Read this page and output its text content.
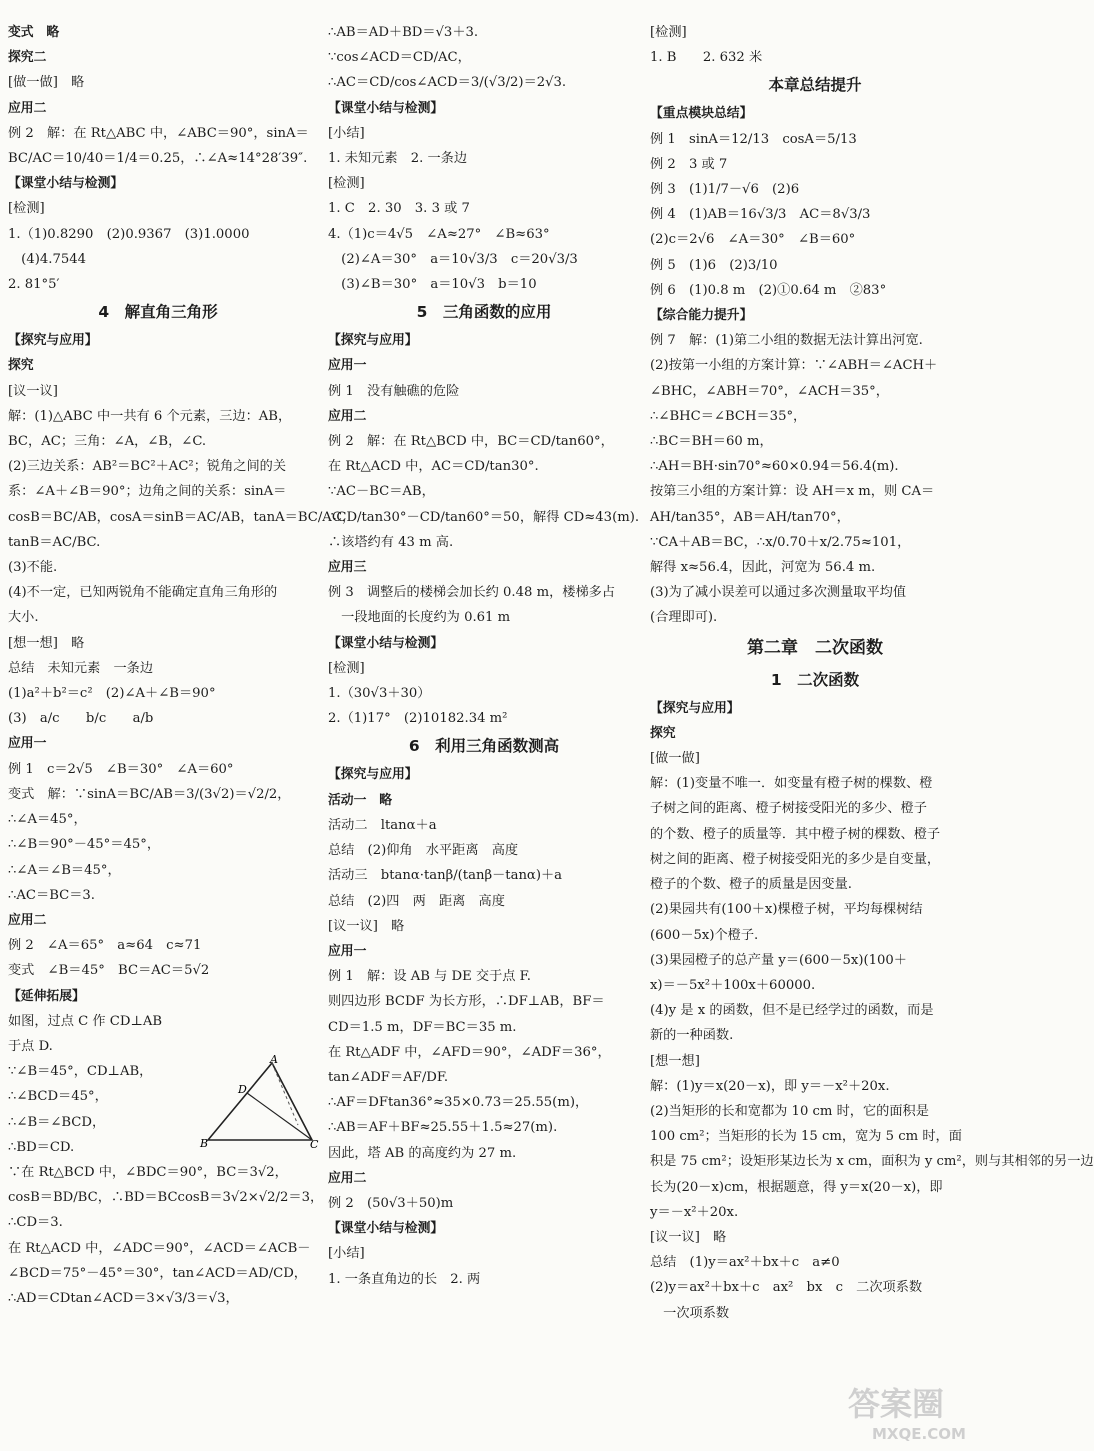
变式　略
探究二
[做一做]　略
应用二
例 2　解：在 Rt△ABC 中，∠ABC＝90°，sinA＝
BC/AC＝10/40＝1/4＝0.25，∴∠A≈14°28′39″.
【课堂小结与检测】
[检测]
1.（1)0.8290　(2)0.9367　(3)1.0000
　(4)4.7544
2. 81°5′
4　解直角三角形
【探究与应用】
探究
[议一议]
解：(1)△ABC 中一共有 6 个元素，三边：AB，
BC，AC；三角：∠A，∠B，∠C.
(2)三边关系：AB²＝BC²＋AC²；锐角之间的关
系：∠A＋∠B＝90°；边角之间的关系：sinA＝
cosB＝BC/AB，cosA＝sinB＝AC/AB，tanA＝BC/AC，
tanB＝AC/BC.
(3)不能.
(4)不一定，已知两锐角不能确定直角三角形的
大小.
[想一想]　略
总结　未知元素　一条边
(1)a²＋b²＝c²　(2)∠A＋∠B＝90°
(3)　a/c　　b/c　　a/b
应用一
例 1　c＝2√5　∠B＝30°　∠A＝60°
变式　解：∵sinA＝BC/AB＝3/(3√2)＝√2/2，
∴∠A＝45°，
∴∠B＝90°－45°＝45°，
∴∠A＝∠B＝45°，
∴AC＝BC＝3.
应用二
例 2　∠A＝65°　a≈64　c≈71
变式　∠B＝45°　BC＝AC＝5√2
【延伸拓展】
如图，过点 C 作 CD⊥AB
于点 D.
∵∠B＝45°，CD⊥AB，
∴∠BCD＝45°，
∴∠B＝∠BCD，
∴BD＝CD.
∵在 Rt△BCD 中，∠BDC＝90°，BC＝3√2，
cosB＝BD/BC，∴BD＝BCcosB＝3√2×√2/2＝3，
∴CD＝3.
在 Rt△ACD 中，∠ADC＝90°，∠ACD＝∠ACB－
∠BCD＝75°－45°＝30°，tan∠ACD＝AD/CD，
∴AD＝CDtan∠ACD＝3×√3/3＝√3，
∴AB＝AD＋BD＝√3＋3.
∵cos∠ACD＝CD/AC，
∴AC＝CD/cos∠ACD＝3/(√3/2)＝2√3.
【课堂小结与检测】
[小结]
1. 未知元素　2. 一条边
[检测]
1. C　2. 30　3. 3 或 7
4.（1)c＝4√5　∠A≈27°　∠B≈63°
　(2)∠A＝30°　a＝10√3/3　c＝20√3/3
　(3)∠B＝30°　a＝10√3　b＝10
5　三角函数的应用
【探究与应用】
应用一
例 1　没有触礁的危险
应用二
例 2　解：在 Rt△BCD 中，BC＝CD/tan60°，
在 Rt△ACD 中，AC＝CD/tan30°.
∵AC－BC＝AB，
∴CD/tan30°－CD/tan60°＝50，解得 CD≈43(m).
∴该塔约有 43 m 高.
应用三
例 3　调整后的楼梯会加长约 0.48 m，楼梯多占
　一段地面的长度约为 0.61 m
【课堂小结与检测】
[检测]
1.（30√3＋30）
2.（1)17°　(2)10182.34 m²
6　利用三角函数测高
【探究与应用】
活动一　略
活动二　ltanα＋a
总结　(2)仰角　水平距离　高度
活动三　btanα·tanβ/(tanβ－tanα)＋a
总结　(2)四　两　距离　高度
[议一议]　略
应用一
例 1　解：设 AB 与 DE 交于点 F.
则四边形 BCDF 为长方形，∴DF⊥AB，BF＝
CD＝1.5 m，DF＝BC＝35 m.
在 Rt△ADF 中，∠AFD＝90°，∠ADF＝36°，
tan∠ADF＝AF/DF.
∴AF＝DFtan36°≈35×0.73＝25.55(m)，
∴AB＝AF＋BF≈25.55＋1.5≈27(m).
因此，塔 AB 的高度约为 27 m.
应用二
例 2　(50√3＋50)m
【课堂小结与检测】
[小结]
1. 一条直角边的长　2. 两
[检测]
1. B　　2. 632 米
本章总结提升
【重点模块总结】
例 1　sinA＝12/13　cosA＝5/13
例 2　3 或 7
例 3　(1)1/7－√6　(2)6
例 4　(1)AB＝16√3/3　AC＝8√3/3
(2)c＝2√6　∠A＝30°　∠B＝60°
例 5　(1)6　(2)3/10
例 6　(1)0.8 m　(2)①0.64 m　②83°
【综合能力提升】
例 7　解：(1)第二小组的数据无法计算出河宽.
(2)按第一小组的方案计算：∵∠ABH＝∠ACH＋
∠BHC，∠ABH＝70°，∠ACH＝35°，
∴∠BHC＝∠BCH＝35°，
∴BC＝BH＝60 m，
∴AH＝BH·sin70°≈60×0.94＝56.4(m).
按第三小组的方案计算：设 AH＝x m，则 CA＝
AH/tan35°，AB＝AH/tan70°，
∵CA＋AB＝BC，∴x/0.70＋x/2.75≈101，
解得 x≈56.4，因此，河宽为 56.4 m.
(3)为了减小误差可以通过多次测量取平均值
(合理即可).
第二章　二次函数
1　二次函数
【探究与应用】
探究
[做一做]
解：(1)变量不唯一．如变量有橙子树的棵数、橙
子树之间的距离、橙子树接受阳光的多少、橙子
的个数、橙子的质量等．其中橙子树的棵数、橙子
树之间的距离、橙子树接受阳光的多少是自变量，
橙子的个数、橙子的质量是因变量.
(2)果园共有(100＋x)棵橙子树，平均每棵树结
(600－5x)个橙子.
(3)果园橙子的总产量 y＝(600－5x)(100＋
x)＝－5x²＋100x＋60000.
(4)y 是 x 的函数，但不是已经学过的函数，而是
新的一种函数.
[想一想]
解：(1)y＝x(20－x)，即 y＝－x²＋20x.
(2)当矩形的长和宽都为 10 cm 时，它的面积是
100 cm²；当矩形的长为 15 cm，宽为 5 cm 时，面
积是 75 cm²；设矩形某边长为 x cm，面积为 y cm²，则与其相邻的另一边
长为(20－x)cm，根据题意，得 y＝x(20－x)，即
y＝－x²＋20x.
[议一议]　略
总结　(1)y＝ax²＋bx＋c　a≠0
(2)y＝ax²＋bx＋c　ax²　bx　c　二次项系数
　一次项系数
A
B	C
D
答案圈
MXQE.COM
